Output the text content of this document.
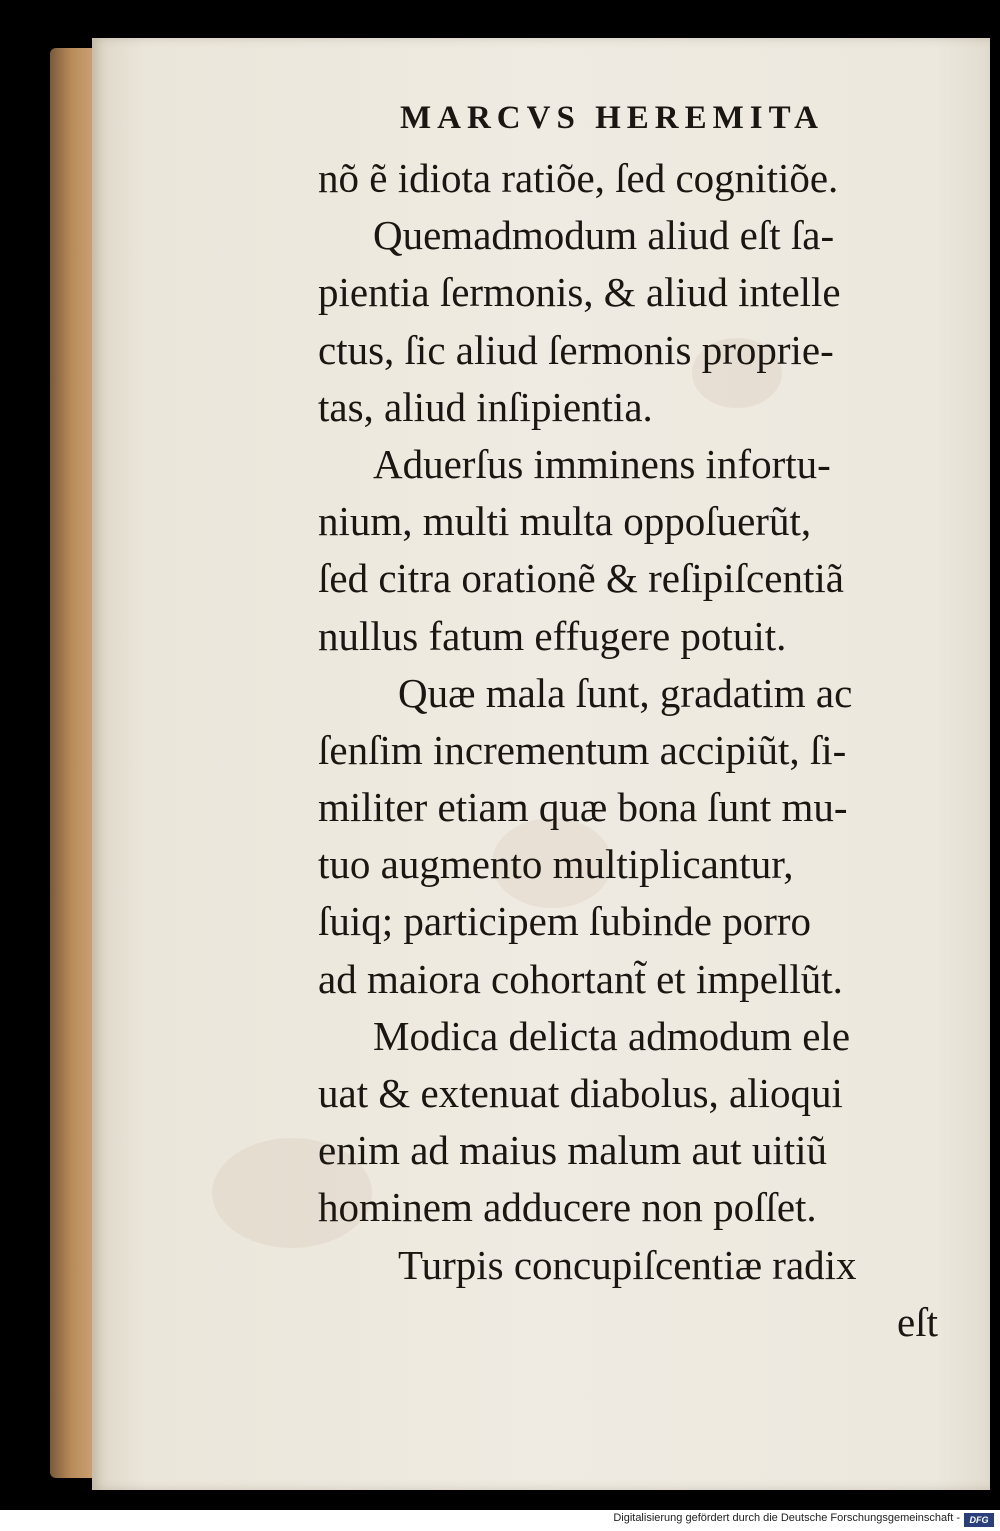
MARCVS HEREMITA
nõ ẽ idiota ratiõe, ſed cognitiõe.
Quemadmodum aliud eſt ſa-
pientia ſermonis, & aliud intelle
ctus, ſic aliud ſermonis proprie-
tas, aliud inſipientia.
Aduerſus imminens infortu-
nium, multi multa oppoſuerũt,
ſed citra orationẽ & reſipiſcentiã
nullus fatum effugere potuit.
Quæ mala ſunt, gradatim ac
ſenſim incrementum accipiũt, ſi-
militer etiam quæ bona ſunt mu-
tuo augmento multiplicantur,
ſuiq; participem ſubinde porro
ad maiora cohortant̃ et impellũt.
Modica delicta admodum ele
uat & extenuat diabolus, alioqui
enim ad maius malum aut uitiũ
hominem adducere non poſſet.
Turpis concupiſcentiæ radix
eſt
Digitalisierung gefördert durch die Deutsche Forschungsgemeinschaft -	DFG
